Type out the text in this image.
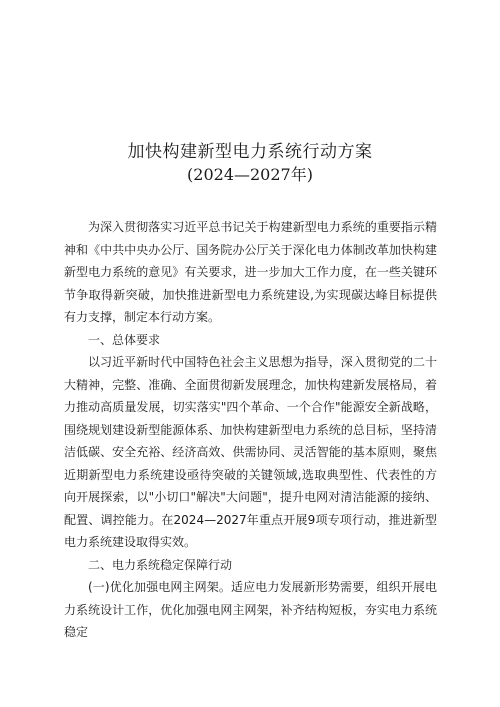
加快构建新型电力系统行动方案
(2024—2027年)

为深入贯彻落实习近平总书记关于构建新型电力系统的重要指示精神和《中共中央办公厅、国务院办公厅关于深化电力体制改革加快构建新型电力系统的意见》有关要求，进一步加大工作力度，在一些关键环节争取得新突破，加快推进新型电力系统建设,为实现碳达峰目标提供有力支撑，制定本行动方案。

一、总体要求

以习近平新时代中国特色社会主义思想为指导，深入贯彻党的二十大精神，完整、准确、全面贯彻新发展理念，加快构建新发展格局，着力推动高质量发展，切实落实"四个革命、一个合作"能源安全新战略，围绕规划建设新型能源体系、加快构建新型电力系统的总目标，坚持清洁低碳、安全充裕、经济高效、供需协同、灵活智能的基本原则，聚焦近期新型电力系统建设亟待突破的关键领域,选取典型性、代表性的方向开展探索，以"小切口"解决"大问题"，提升电网对清洁能源的接纳、配置、调控能力。在2024—2027年重点开展9项专项行动，推进新型电力系统建设取得实效。

二、电力系统稳定保障行动

(一)优化加强电网主网架。适应电力发展新形势需要，组织开展电力系统设计工作，优化加强电网主网架，补齐结构短板，夯实电力系统稳定
